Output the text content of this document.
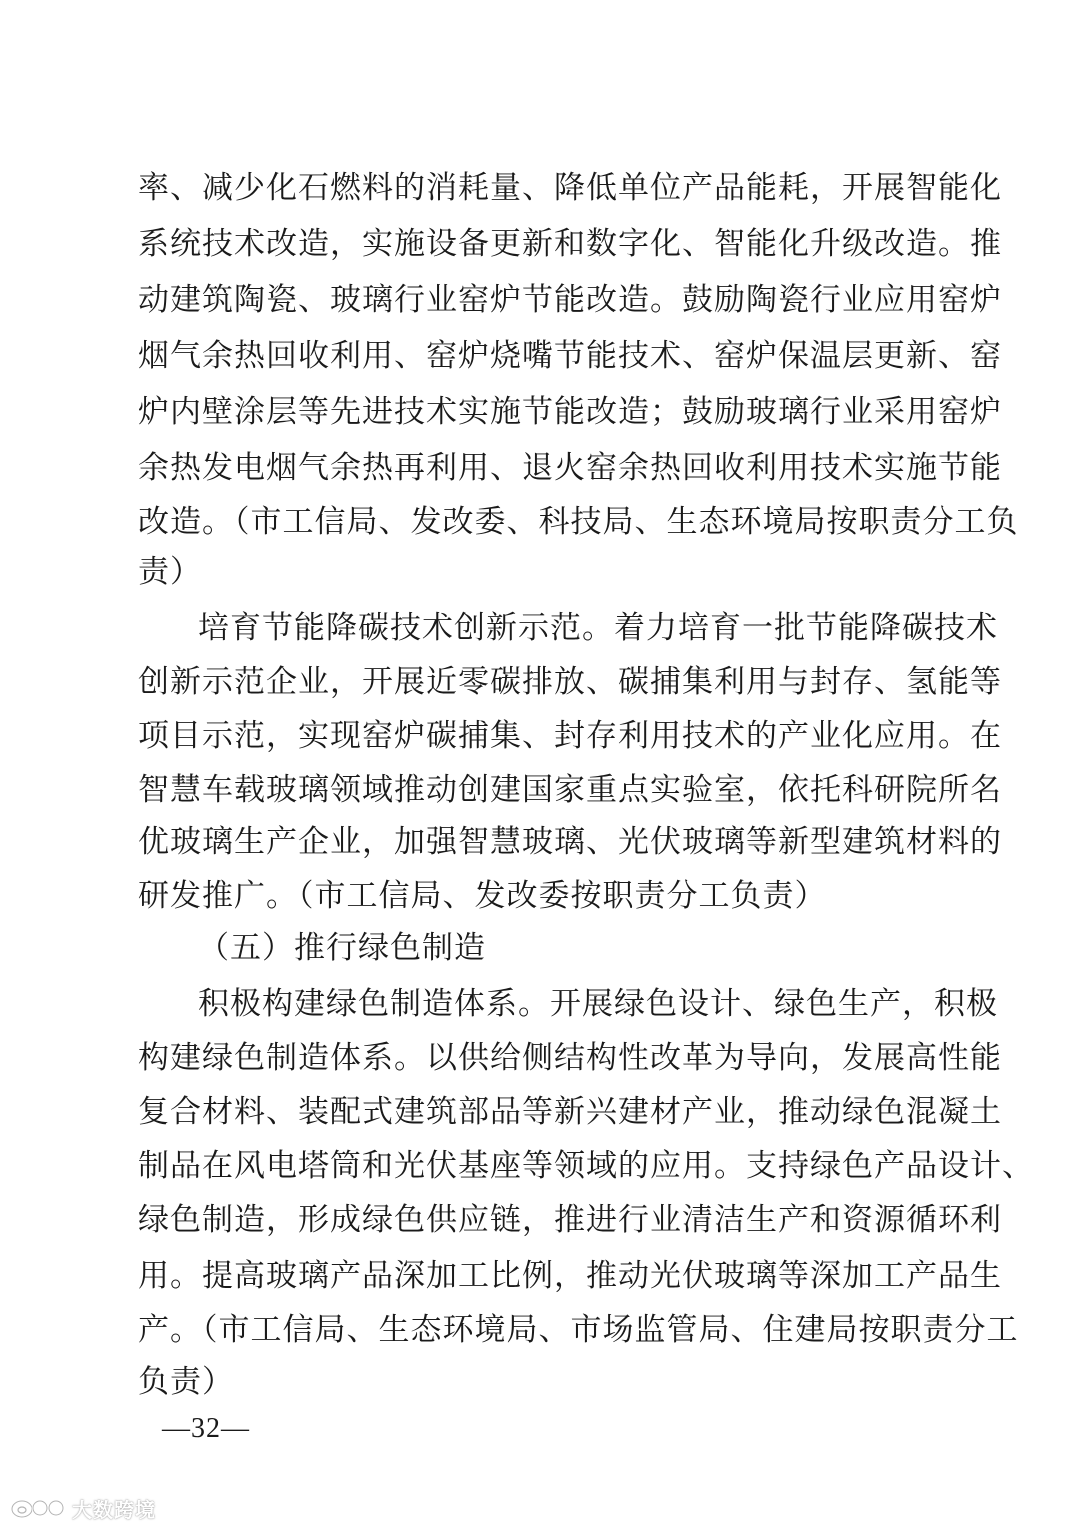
率、减少化石燃料的消耗量、降低单位产品能耗，开展智能化
系统技术改造，实施设备更新和数字化、智能化升级改造。推
动建筑陶瓷、玻璃行业窑炉节能改造。鼓励陶瓷行业应用窑炉
烟气余热回收利用、窑炉烧嘴节能技术、窑炉保温层更新、窑
炉内壁涂层等先进技术实施节能改造；鼓励玻璃行业采用窑炉
余热发电烟气余热再利用、退火窑余热回收利用技术实施节能
改造。（市工信局、发改委、科技局、生态环境局按职责分工负
责）
培育节能降碳技术创新示范。着力培育一批节能降碳技术
创新示范企业，开展近零碳排放、碳捕集利用与封存、氢能等
项目示范，实现窑炉碳捕集、封存利用技术的产业化应用。在
智慧车载玻璃领域推动创建国家重点实验室，依托科研院所名
优玻璃生产企业，加强智慧玻璃、光伏玻璃等新型建筑材料的
研发推广。（市工信局、发改委按职责分工负责）
（五）推行绿色制造
积极构建绿色制造体系。开展绿色设计、绿色生产，积极
构建绿色制造体系。以供给侧结构性改革为导向，发展高性能
复合材料、装配式建筑部品等新兴建材产业，推动绿色混凝土
制品在风电塔筒和光伏基座等领域的应用。支持绿色产品设计、
绿色制造，形成绿色供应链，推进行业清洁生产和资源循环利
用。提高玻璃产品深加工比例，推动光伏玻璃等深加工产品生
产。（市工信局、生态环境局、市场监管局、住建局按职责分工
负责）
—32—
大数跨境
